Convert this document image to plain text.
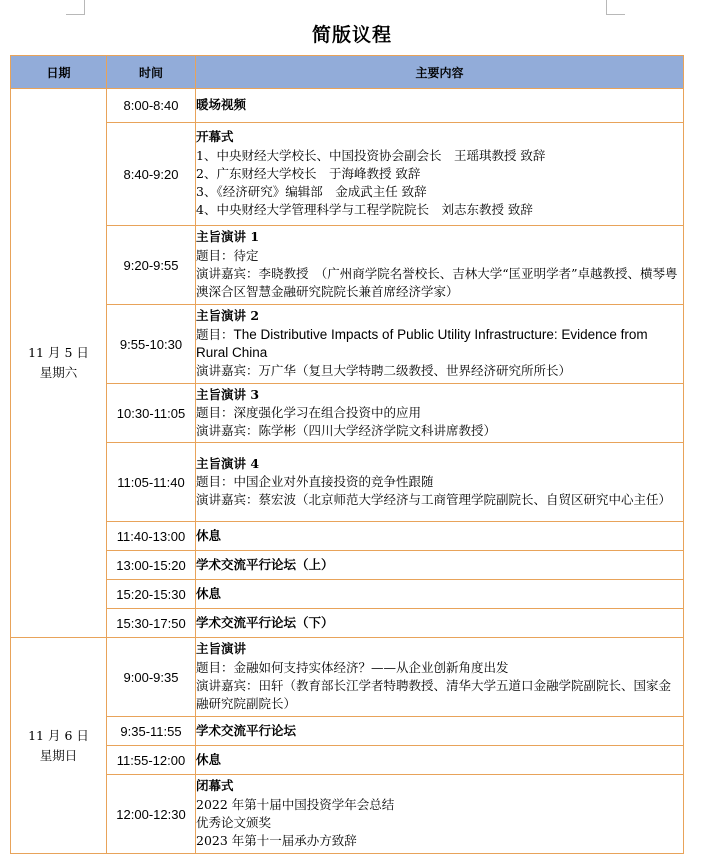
简版议程
日期	时间	主要内容

11 月 5 日
星期六	8:00-8:40	暖场视频

	8:40-9:20	开幕式
1、中央财经大学校长、中国投资协会副会长　王瑶琪教授 致辞
2、广东财经大学校长　于海峰教授 致辞
3、《经济研究》编辑部　金成武主任 致辞
4、中央财经大学管理科学与工程学院院长　刘志东教授 致辞

	9:20-9:55	主旨演讲 1
题目：待定
演讲嘉宾：李晓教授　（广州商学院名誉校长、吉林大学“匡亚明学者”卓越教授、横琴粤澳深合区智慧金融研究院院长兼首席经济学家）

	9:55-10:30	主旨演讲 2
题目：The Distributive Impacts of Public Utility Infrastructure: Evidence from Rural China
演讲嘉宾：万广华（复旦大学特聘二级教授、世界经济研究所所长）

	10:30-11:05	主旨演讲 3
题目：深度强化学习在组合投资中的应用
演讲嘉宾：陈学彬（四川大学经济学院文科讲席教授）

	11:05-11:40	主旨演讲 4
题目：中国企业对外直接投资的竞争性跟随
演讲嘉宾：蔡宏波（北京师范大学经济与工商管理学院副院长、自贸区研究中心主任）

	11:40-13:00	休息

	13:00-15:20	学术交流平行论坛（上）

	15:20-15:30	休息

	15:30-17:50	学术交流平行论坛（下）

11 月 6 日
星期日	9:00-9:35	主旨演讲
题目：金融如何支持实体经济？——从企业创新角度出发
演讲嘉宾：田轩（教育部长江学者特聘教授、清华大学五道口金融学院副院长、国家金融研究院副院长）

	9:35-11:55	学术交流平行论坛

	11:55-12:00	休息

	12:00-12:30	闭幕式
2022 年第十届中国投资学年会总结
优秀论文颁奖
2023 年第十一届承办方致辞
